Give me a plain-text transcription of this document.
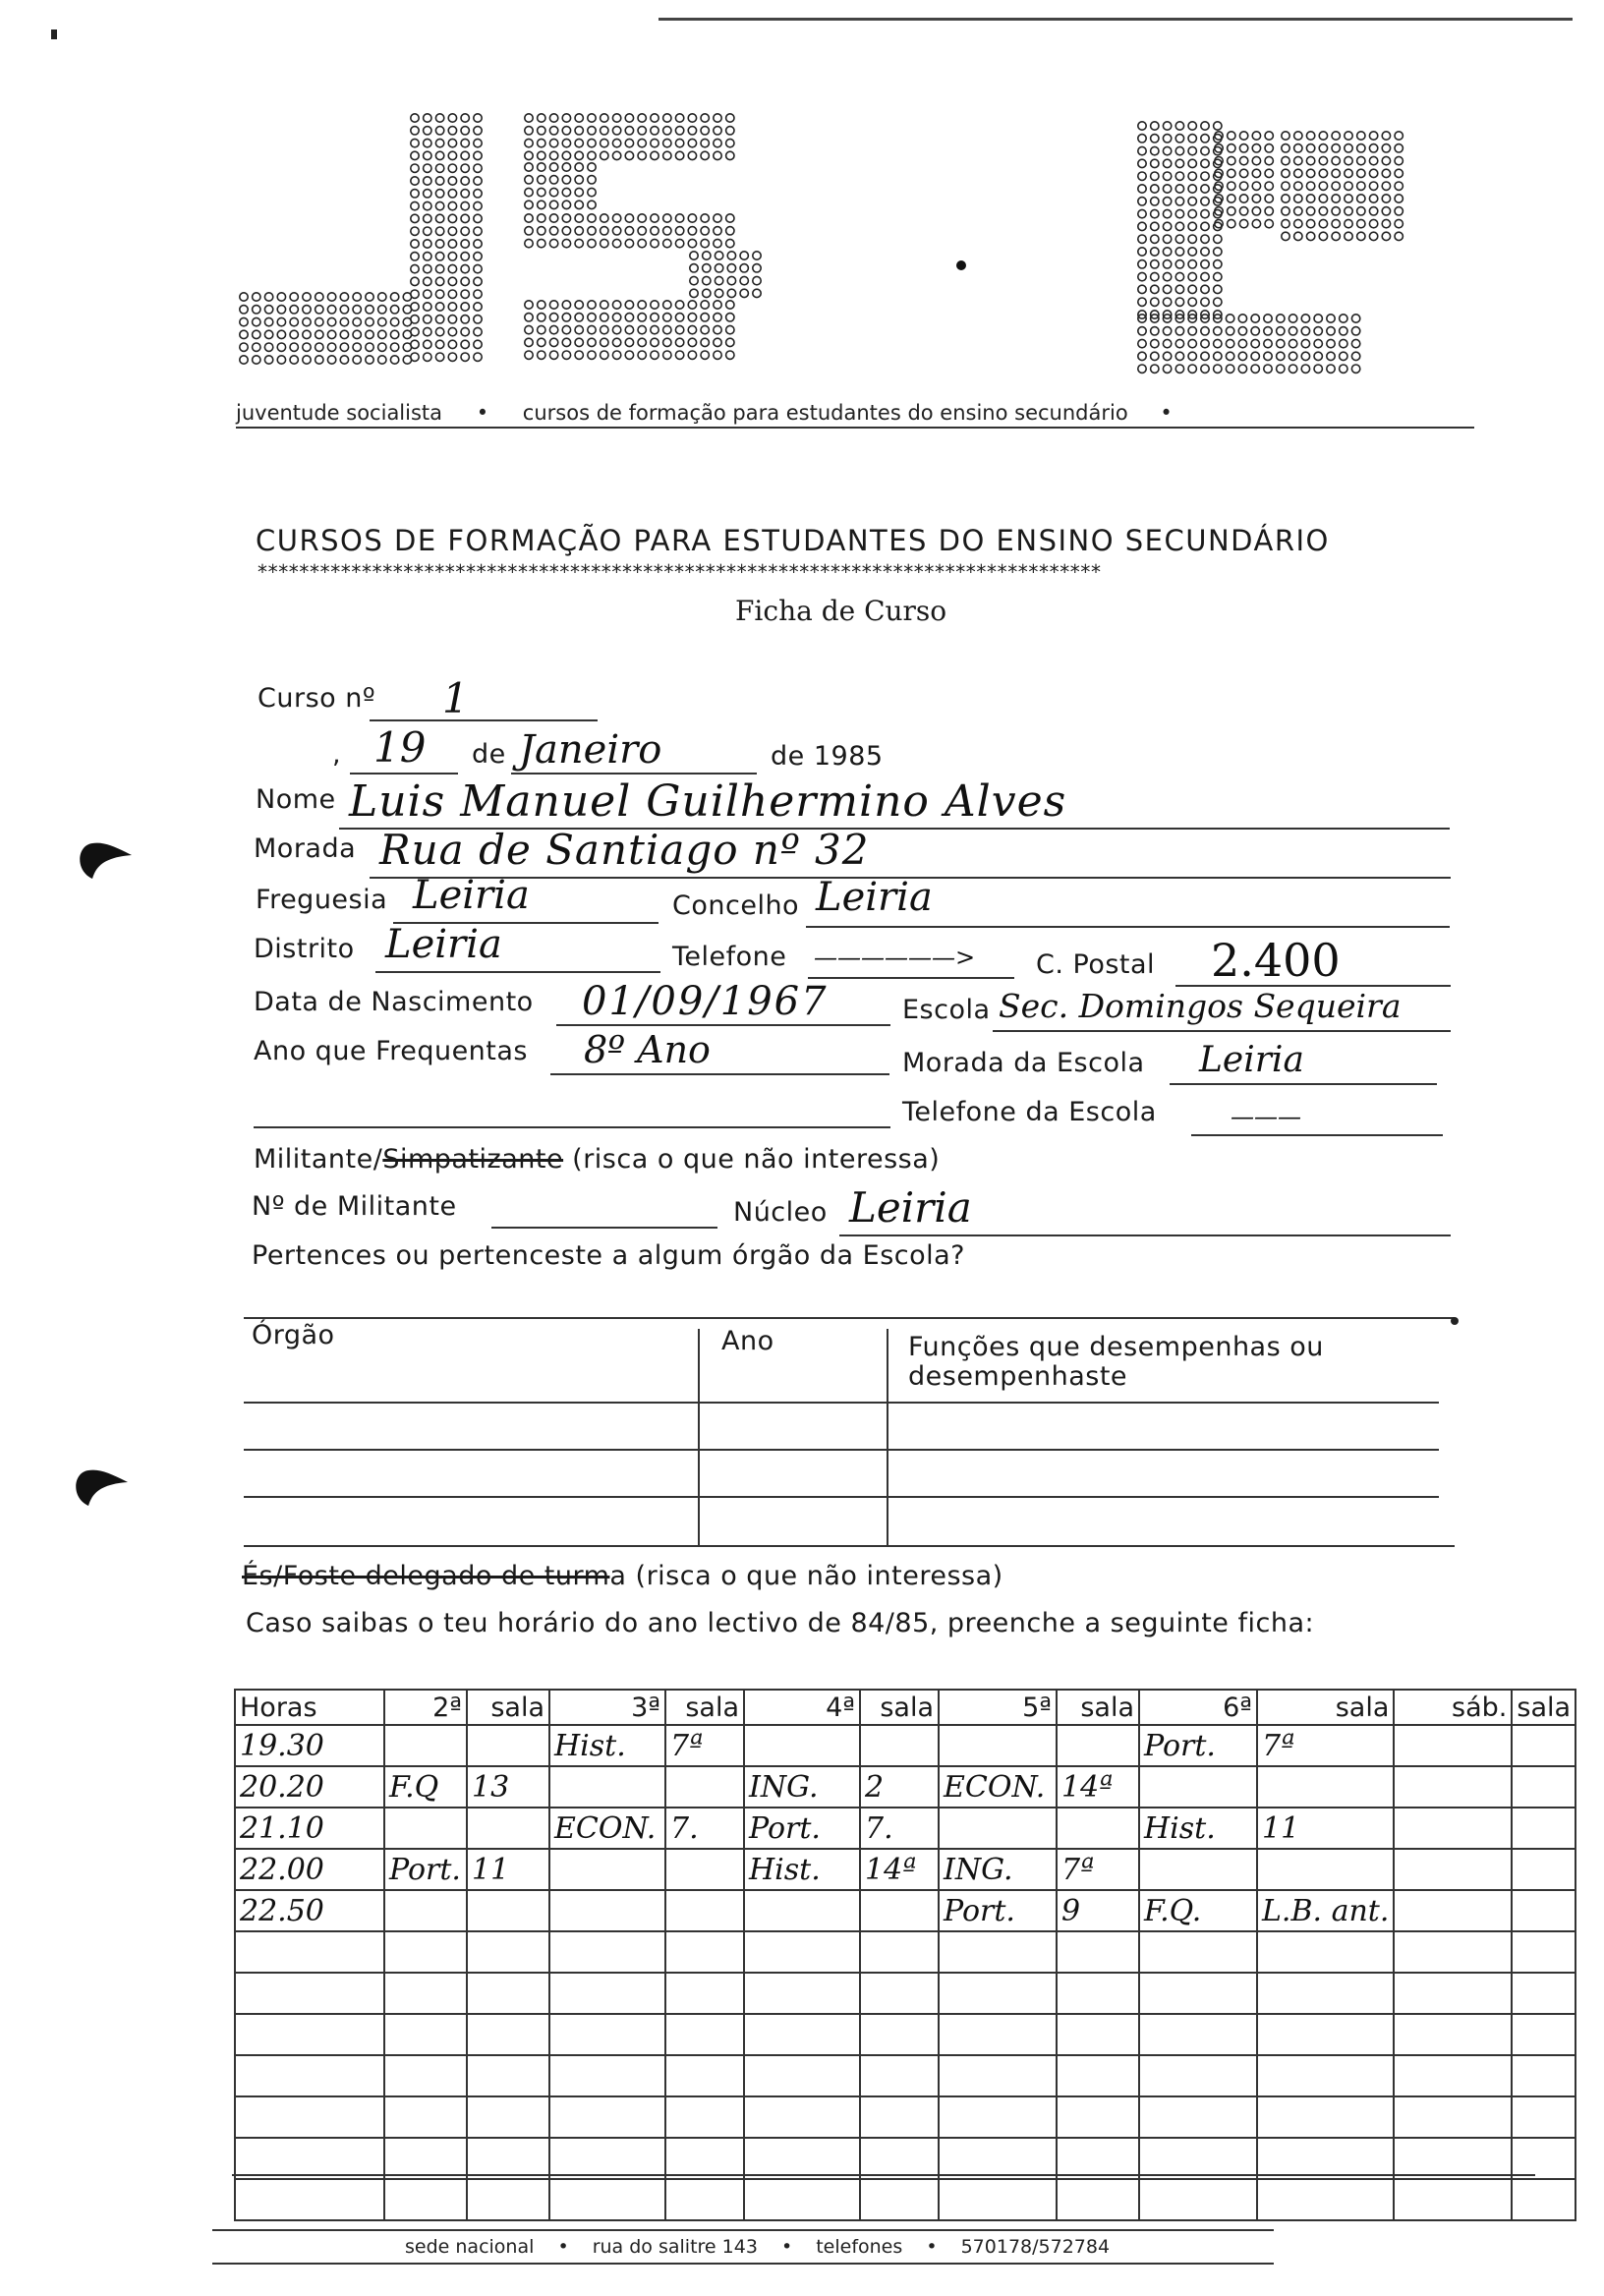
juventude socialista • cursos de formação para estudantes do ensino secundário •
CURSOS DE FORMAÇÃO PARA ESTUDANTES DO ENSINO SECUNDÁRIO
*********************************************************************************
Ficha de Curso
Curso nº 1
, 19 de Janeiro	de 1985
Nome Luis Manuel Guilhermino Alves
Morada Rua de Santiago nº 32
Freguesia Leiria	Concelho Leiria
Distrito Leiria	Telefone ——————> C. Postal 2.400
Data de Nascimento 01/09/1967	Escola Sec. Domingos Sequeira
Ano que Frequentas 8º Ano	Morada da Escola Leiria
Telefone da Escola	———
Militante/Simpatizante (risca o que não interessa)
Nº de Militante	Núcleo Leiria
Pertences ou pertenceste a algum órgão da Escola?
Órgão	Ano	Funções que desempenhas ou desempenhaste
És/Foste delegado de turma (risca o que não interessa)
Caso saibas o teu horário do ano lectivo de 84/85, preenche a seguinte ficha:
Horas	2ª	sala	3ª	sala	4ª	sala	5ª	sala	6ª	sala	sáb.	sala
19.30			Hist.	7ª					Port.	7ª		
20.20	F.Q	13			ING.	2	ECON.	14ª				
21.10			ECON.	7.	Port.	7.			Hist.	11		
22.00	Port.	11			Hist.	14ª	ING.	7ª				
22.50							Port.	9	F.Q.	L.B. ant.		

sede nacional • rua do salitre 143 • telefones • 570178/572784
